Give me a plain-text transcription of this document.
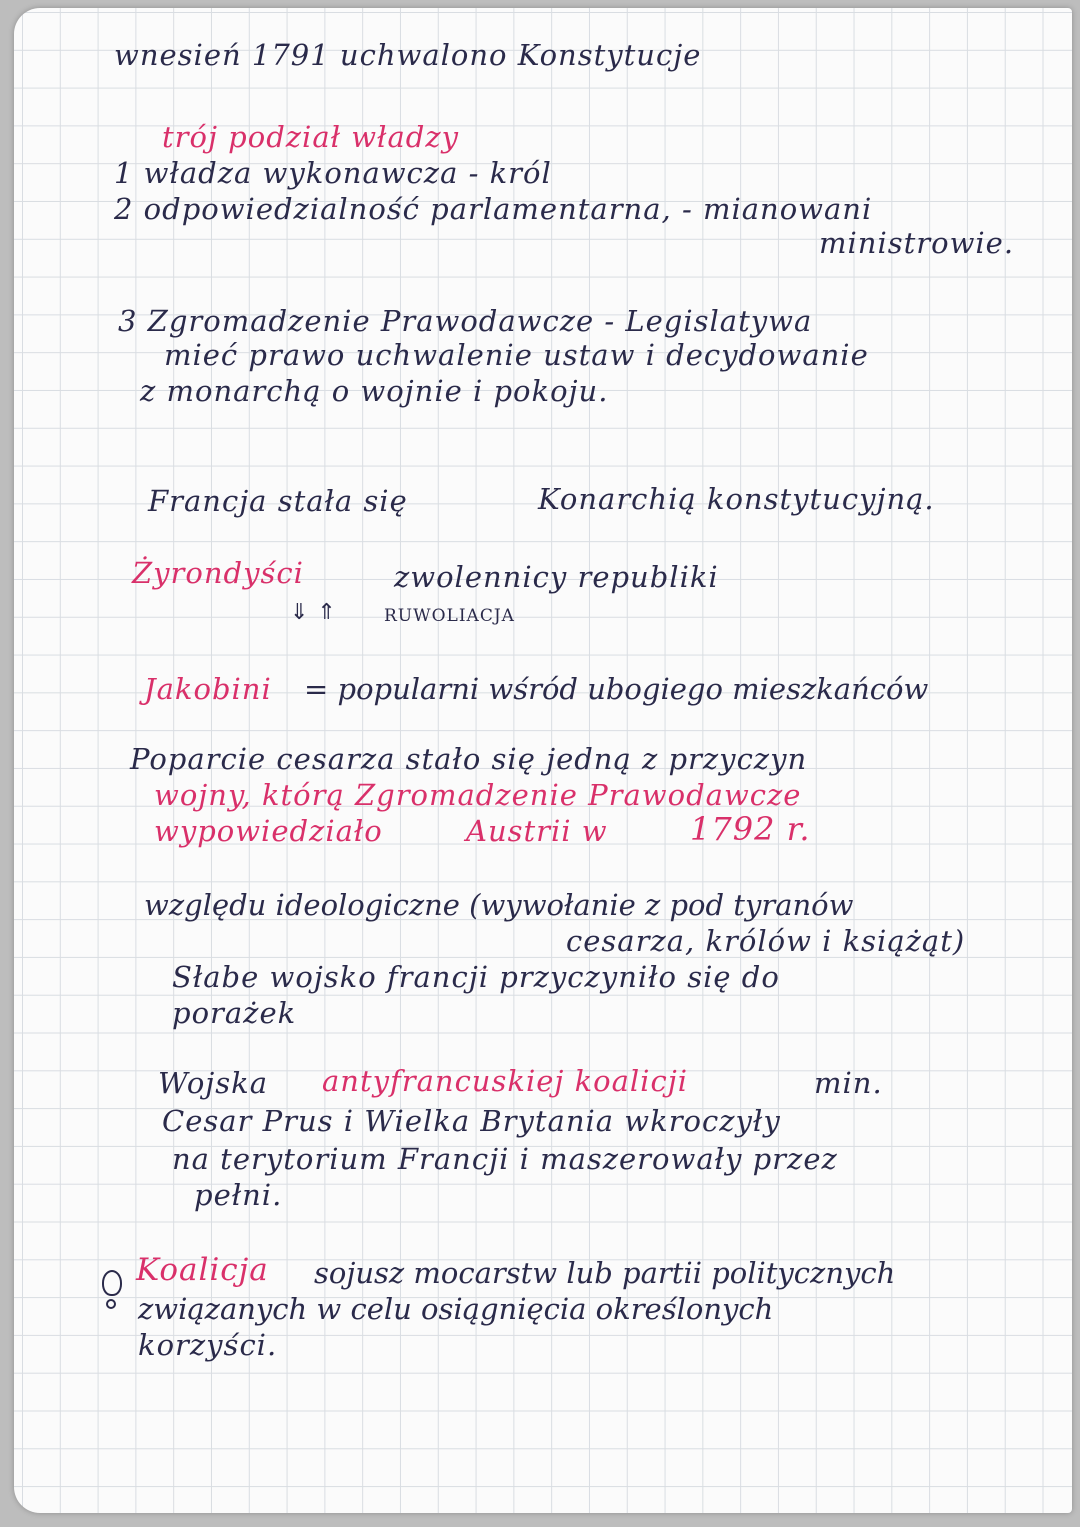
wnesień 1791 uchwalono Konstytucje
trój podział władzy
1 władza wykonawcza - król
2 odpowiedzialność parlamentarna, - mianowani
ministrowie.
3 Zgromadzenie Prawodawcze - Legislatywa
mieć prawo uchwalenie ustaw i decydowanie
z monarchą o wojnie i pokoju.
Francja stała się	Konarchią konstytucyjną.
Żyrondyści	zwolennicy republiki
⇓ ⇑	RUWOLIACJA
Jakobini = popularni wśród ubogiego mieszkańców
Poparcie cesarza stało się jedną z przyczyn
wojny, którą Zgromadzenie Prawodawcze
wypowiedziało	Austrii w	1792 r.
względu ideologiczne (wywołanie z pod tyranów
cesarza, królów i książąt)
Słabe wojsko francji przyczyniło się do
porażek
Wojska antyfrancuskiej koalicji	min.
Cesar Prus i Wielka Brytania wkroczyły
na terytorium Francji i maszerowały przez
pełni.
Koalicja sojusz mocarstw lub partii politycznych
związanych w celu osiągnięcia określonych
korzyści.
